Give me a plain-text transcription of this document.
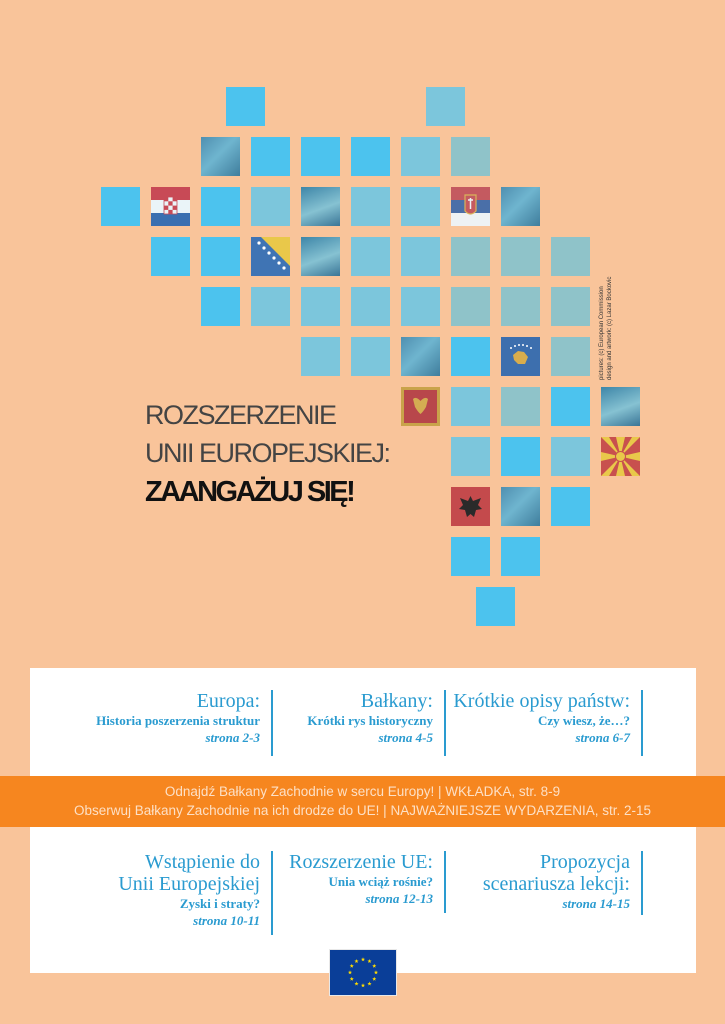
pictures: (c) European Commission design and artwork: (c) Lazar Bockovic
ROZSZERZENIE
UNII EUROPEJSKIEJ:
ZAANGAŻUJ SIĘ!
Europa:
Historia poszerzenia struktur
strona 2-3
Bałkany:
Krótki rys historyczny
strona 4-5
Krótkie opisy państw:
Czy wiesz, że…?
strona 6-7
Odnajdź Bałkany Zachodnie w sercu Europy! | WKŁADKA, str. 8-9
Obserwuj Bałkany Zachodnie na ich drodze do UE! | NAJWAŻNIEJSZE WYDARZENIA, str. 2-15
Wstąpienie do
Unii Europejskiej
Zyski i straty?
strona 10-11
Rozszerzenie UE:
Unia wciąż rośnie?
strona 12-13
Propozycja
scenariusza lekcji:
strona 14-15
